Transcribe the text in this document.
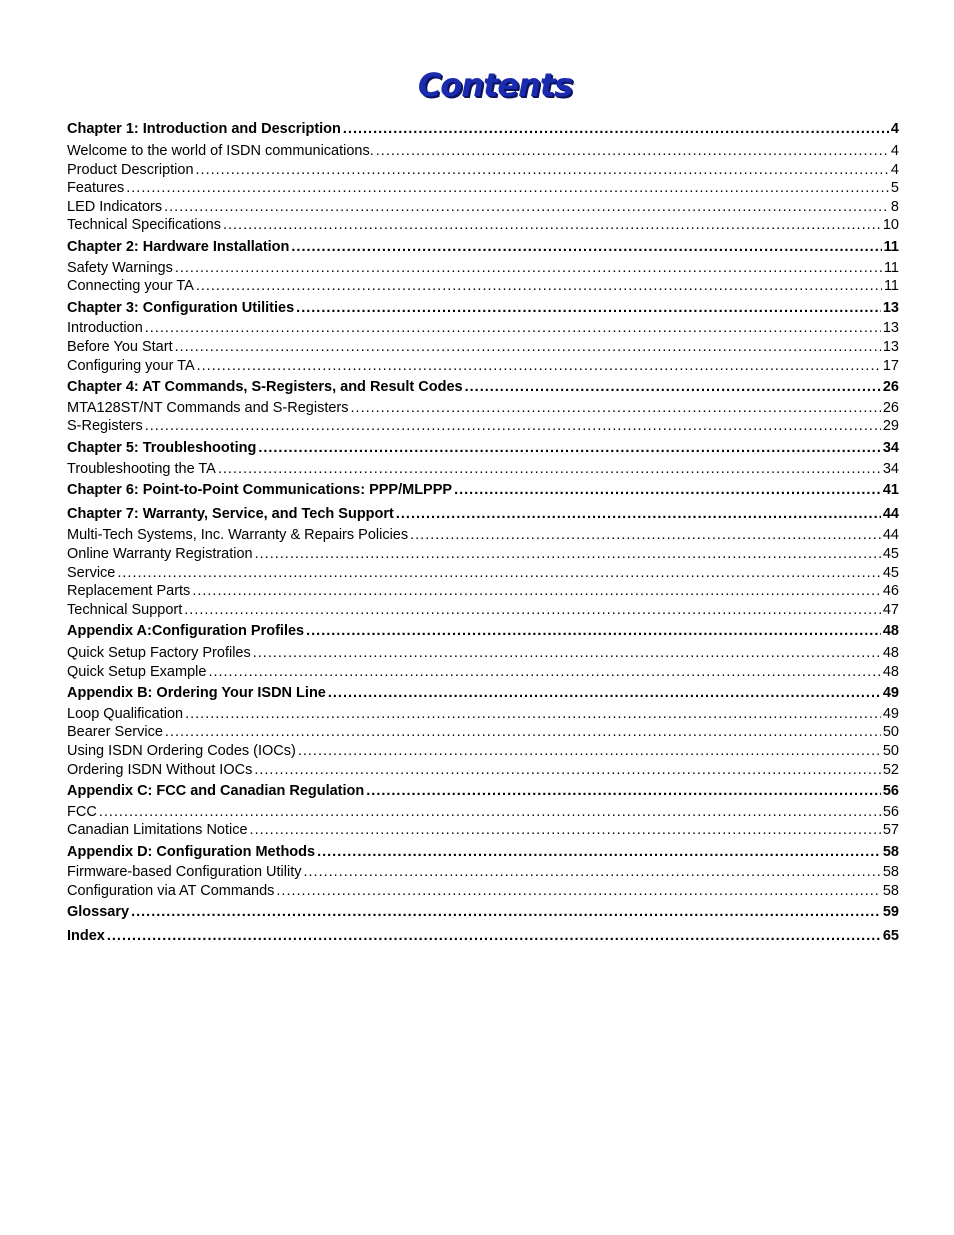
Contents
Chapter 1: Introduction and Description .....	4
Welcome to the world of ISDN communications. .....	4
Product Description .....	4
Features .....	5
LED Indicators .....	8
Technical Specifications .....	10
Chapter 2: Hardware Installation .....	11
Safety Warnings .....	11
Connecting your TA .....	11
Chapter 3: Configuration Utilities .....	13
Introduction .....	13
Before You Start .....	13
Configuring your TA .....	17
Chapter 4: AT Commands, S-Registers, and Result Codes .....	26
MTA128ST/NT Commands and S-Registers .....	26
S-Registers .....	29
Chapter 5: Troubleshooting .....	34
Troubleshooting the TA .....	34
Chapter 6: Point-to-Point Communications: PPP/MLPPP .....	41
Chapter 7: Warranty, Service, and Tech Support .....	44
Multi-Tech Systems, Inc. Warranty & Repairs Policies .....	44
Online Warranty Registration .....	45
Service .....	45
Replacement Parts .....	46
Technical Support .....	47
Appendix A:Configuration Profiles .....	48
Quick Setup Factory Profiles .....	48
Quick Setup Example .....	48
Appendix B: Ordering Your ISDN Line .....	49
Loop Qualification .....	49
Bearer Service .....	50
Using ISDN Ordering Codes (IOCs) .....	50
Ordering ISDN Without IOCs .....	52
Appendix C: FCC and Canadian Regulation .....	56
FCC .....	56
Canadian Limitations Notice .....	57
Appendix D: Configuration Methods .....	58
Firmware-based Configuration Utility .....	58
Configuration via AT Commands .....	58
Glossary .....	59
Index .....	65
